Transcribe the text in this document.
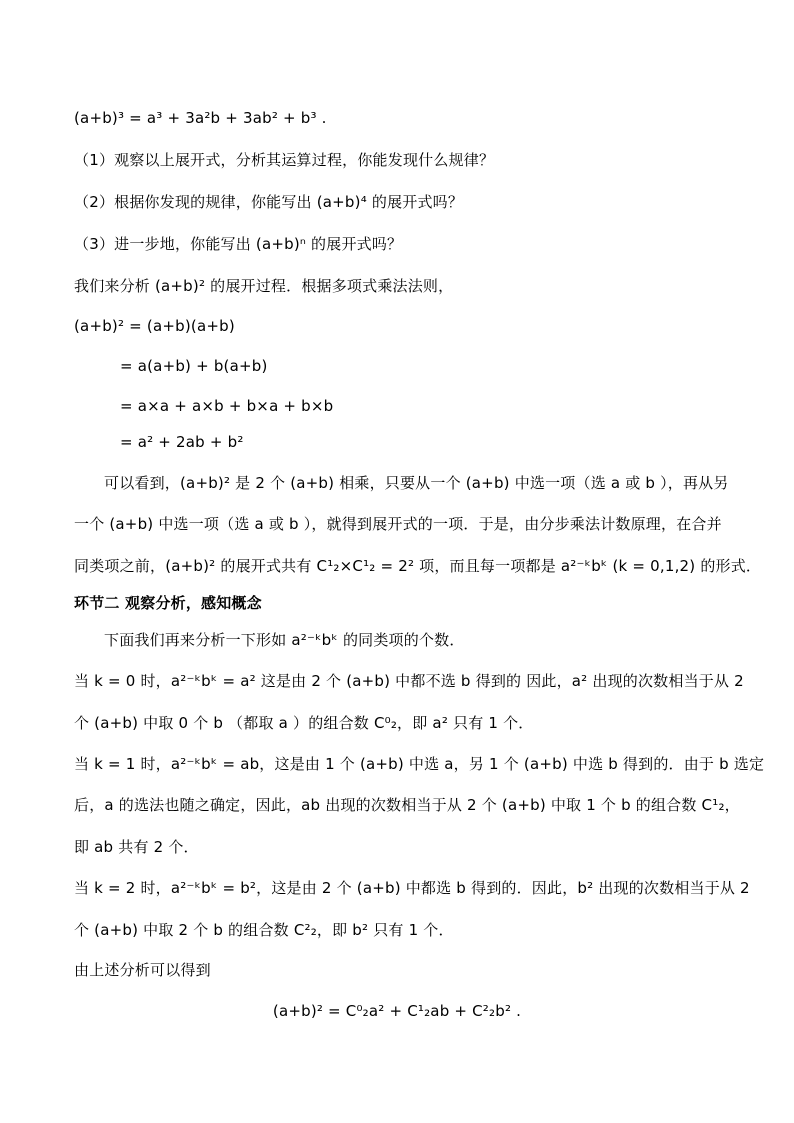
(a+b)³ = a³ + 3a²b + 3ab² + b³ .
（1）观察以上展开式，分析其运算过程，你能发现什么规律？
（2）根据你发现的规律，你能写出 (a+b)⁴ 的展开式吗？
（3）进一步地，你能写出 (a+b)ⁿ 的展开式吗？
我们来分析 (a+b)² 的展开过程．根据多项式乘法法则，
(a+b)² = (a+b)(a+b)
= a(a+b) + b(a+b)
= a×a + a×b + b×a + b×b
= a² + 2ab + b²
可以看到，(a+b)² 是 2 个 (a+b) 相乘，只要从一个 (a+b) 中选一项（选 a 或 b ），再从另
一个 (a+b) 中选一项（选 a 或 b ），就得到展开式的一项．于是，由分步乘法计数原理，在合并
同类项之前，(a+b)² 的展开式共有 C¹₂×C¹₂ = 2² 项，而且每一项都是 a²⁻ᵏbᵏ (k = 0,1,2) 的形式．
环节二 观察分析，感知概念
下面我们再来分析一下形如 a²⁻ᵏbᵏ 的同类项的个数．
当 k = 0 时，a²⁻ᵏbᵏ = a² 这是由 2 个 (a+b) 中都不选 b 得到的 因此，a² 出现的次数相当于从 2
个 (a+b) 中取 0 个 b （都取 a ）的组合数 C⁰₂，即 a² 只有 1 个．
当 k = 1 时，a²⁻ᵏbᵏ = ab，这是由 1 个 (a+b) 中选 a，另 1 个 (a+b) 中选 b 得到的．由于 b 选定
后，a 的选法也随之确定，因此，ab 出现的次数相当于从 2 个 (a+b) 中取 1 个 b 的组合数 C¹₂，
即 ab 共有 2 个．
当 k = 2 时，a²⁻ᵏbᵏ = b²，这是由 2 个 (a+b) 中都选 b 得到的．因此，b² 出现的次数相当于从 2
个 (a+b) 中取 2 个 b 的组合数 C²₂，即 b² 只有 1 个．
由上述分析可以得到
(a+b)² = C⁰₂a² + C¹₂ab + C²₂b² .
